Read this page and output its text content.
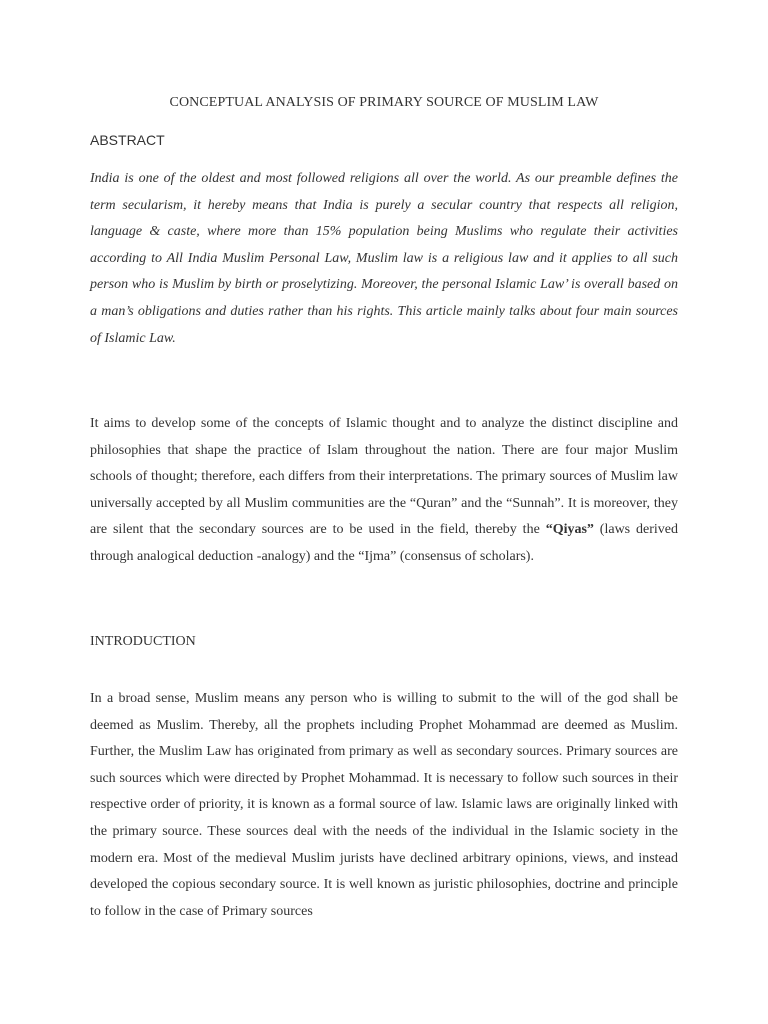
CONCEPTUAL ANALYSIS OF PRIMARY SOURCE OF MUSLIM LAW
ABSTRACT

India is one of the oldest and most followed religions all over the world. As our preamble defines the term secularism, it hereby means that India is purely a secular country that respects all religion, language & caste, where more than 15% population being Muslims who regulate their activities according to All India Muslim Personal Law, Muslim law is a religious law and it applies to all such person who is Muslim by birth or proselytizing. Moreover, the personal Islamic Law’ is overall based on a man’s obligations and duties rather than his rights. This article mainly talks about four main sources of Islamic Law.

It aims to develop some of the concepts of Islamic thought and to analyze the distinct discipline and philosophies that shape the practice of Islam throughout the nation. There are four major Muslim schools of thought; therefore, each differs from their interpretations. The primary sources of Muslim law universally accepted by all Muslim communities are the “Quran” and the “Sunnah”. It is moreover, they are silent that the secondary sources are to be used in the field, thereby the “Qiyas” (laws derived through analogical deduction -analogy) and the “Ijma” (consensus of scholars).

INTRODUCTION

In a broad sense, Muslim means any person who is willing to submit to the will of the god shall be deemed as Muslim. Thereby, all the prophets including Prophet Mohammad are deemed as Muslim. Further, the Muslim Law has originated from primary as well as secondary sources. Primary sources are such sources which were directed by Prophet Mohammad. It is necessary to follow such sources in their respective order of priority, it is known as a formal source of law. Islamic laws are originally linked with the primary source. These sources deal with the needs of the individual in the Islamic society in the modern era. Most of the medieval Muslim jurists have declined arbitrary opinions, views, and instead developed the copious secondary source. It is well known as juristic philosophies, doctrine and principle to follow in the case of Primary sources
